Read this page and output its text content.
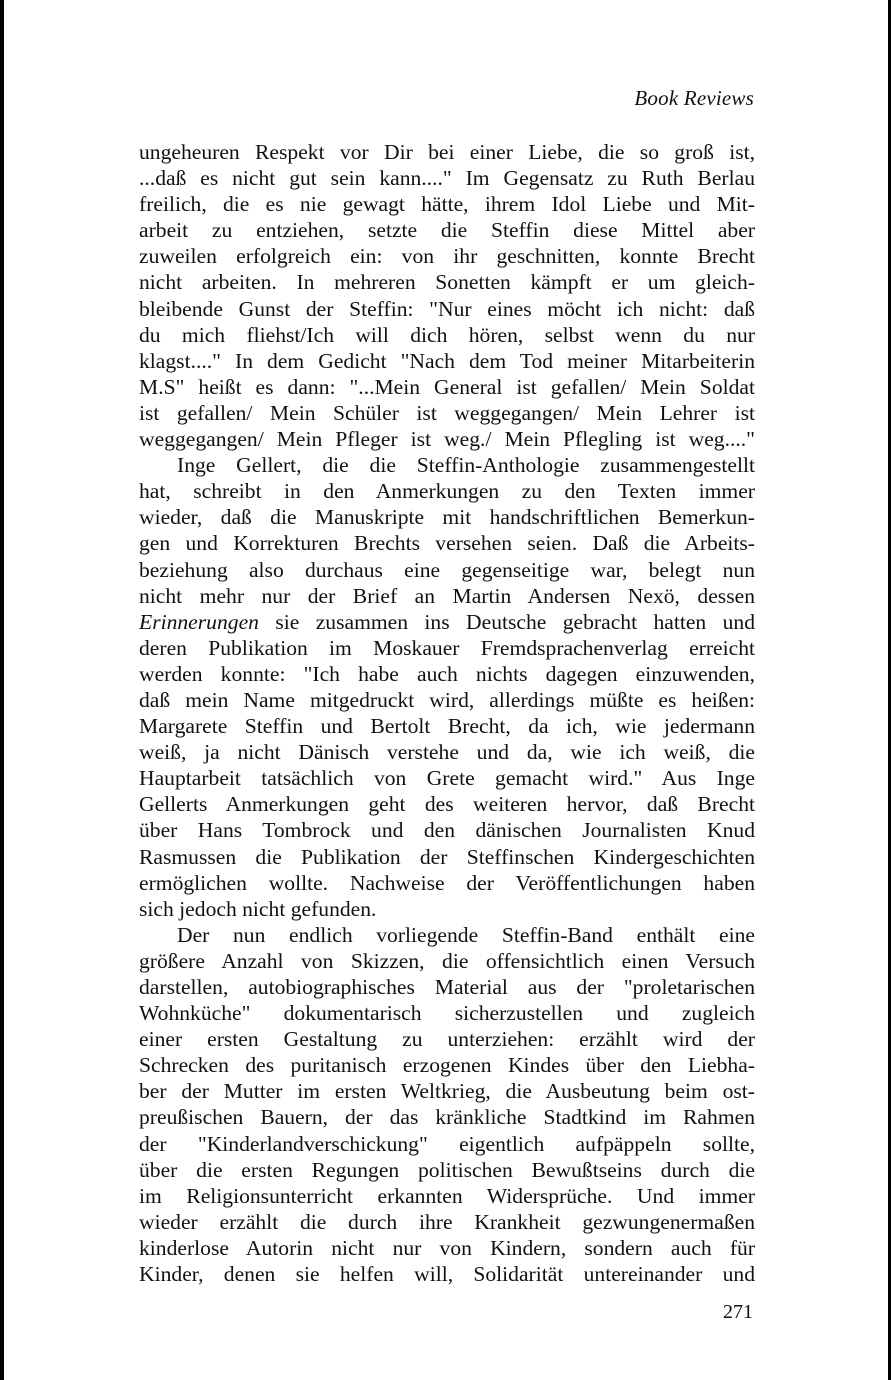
Book Reviews
ungeheuren Respekt vor Dir bei einer Liebe, die so groß ist,
...daß es nicht gut sein kann...." Im Gegensatz zu Ruth Berlau
freilich, die es nie gewagt hätte, ihrem Idol Liebe und Mit-
arbeit zu entziehen, setzte die Steffin diese Mittel aber
zuweilen erfolgreich ein: von ihr geschnitten, konnte Brecht
nicht arbeiten. In mehreren Sonetten kämpft er um gleich-
bleibende Gunst der Steffin: "Nur eines möcht ich nicht: daß
du mich fliehst/Ich will dich hören, selbst wenn du nur
klagst...." In dem Gedicht "Nach dem Tod meiner Mitarbeiterin
M.S" heißt es dann: "...Mein General ist gefallen/ Mein Soldat
ist gefallen/ Mein Schüler ist weggegangen/ Mein Lehrer ist
weggegangen/ Mein Pfleger ist weg./ Mein Pflegling ist weg...."
Inge Gellert, die die Steffin-Anthologie zusammengestellt
hat, schreibt in den Anmerkungen zu den Texten immer
wieder, daß die Manuskripte mit handschriftlichen Bemerkun-
gen und Korrekturen Brechts versehen seien. Daß die Arbeits-
beziehung also durchaus eine gegenseitige war, belegt nun
nicht mehr nur der Brief an Martin Andersen Nexö, dessen
Erinnerungen sie zusammen ins Deutsche gebracht hatten und
deren Publikation im Moskauer Fremdsprachenverlag erreicht
werden konnte: "Ich habe auch nichts dagegen einzuwenden,
daß mein Name mitgedruckt wird, allerdings müßte es heißen:
Margarete Steffin und Bertolt Brecht, da ich, wie jedermann
weiß, ja nicht Dänisch verstehe und da, wie ich weiß, die
Hauptarbeit tatsächlich von Grete gemacht wird." Aus Inge
Gellerts Anmerkungen geht des weiteren hervor, daß Brecht
über Hans Tombrock und den dänischen Journalisten Knud
Rasmussen die Publikation der Steffinschen Kindergeschichten
ermöglichen wollte. Nachweise der Veröffentlichungen haben
sich jedoch nicht gefunden.
Der nun endlich vorliegende Steffin-Band enthält eine
größere Anzahl von Skizzen, die offensichtlich einen Versuch
darstellen, autobiographisches Material aus der "proletarischen
Wohnküche" dokumentarisch sicherzustellen und zugleich
einer ersten Gestaltung zu unterziehen: erzählt wird der
Schrecken des puritanisch erzogenen Kindes über den Liebha-
ber der Mutter im ersten Weltkrieg, die Ausbeutung beim ost-
preußischen Bauern, der das kränkliche Stadtkind im Rahmen
der "Kinderlandverschickung" eigentlich aufpäppeln sollte,
über die ersten Regungen politischen Bewußtseins durch die
im Religionsunterricht erkannten Widersprüche. Und immer
wieder erzählt die durch ihre Krankheit gezwungenermaßen
kinderlose Autorin nicht nur von Kindern, sondern auch für
Kinder, denen sie helfen will, Solidarität untereinander und
271
